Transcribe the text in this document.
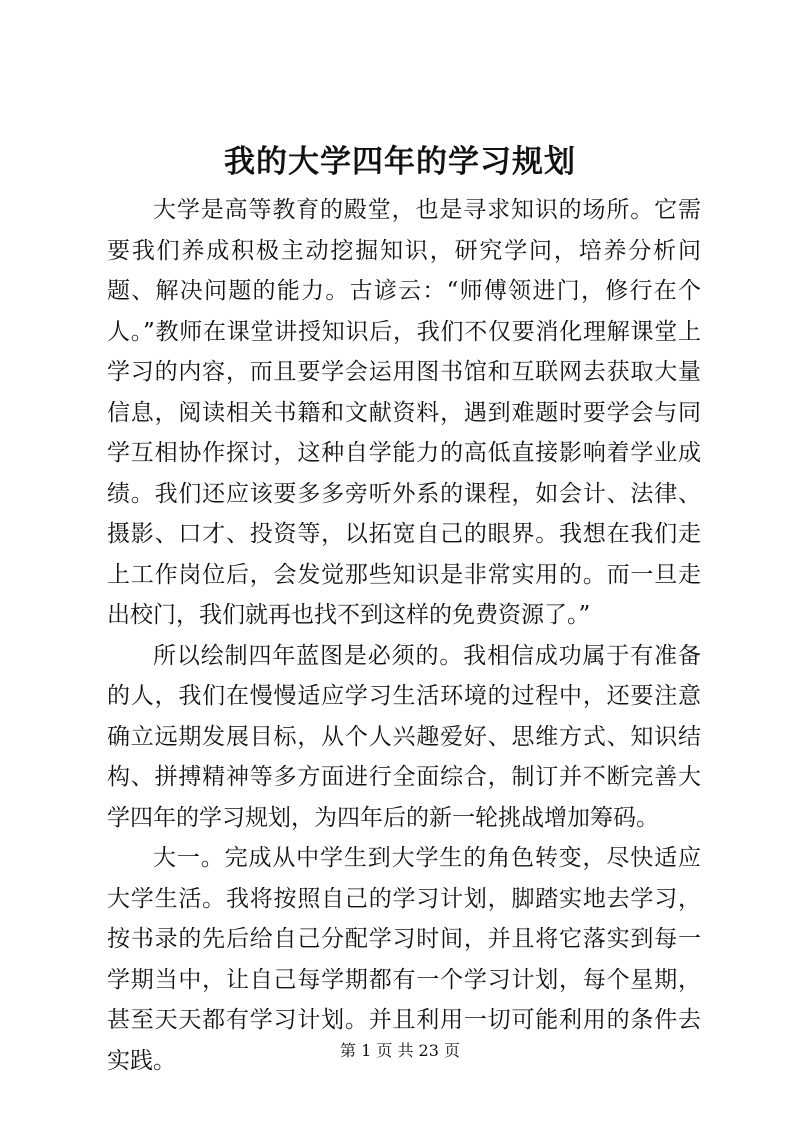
我的大学四年的学习规划

大学是高等教育的殿堂，也是寻求知识的场所。它需要我们养成积极主动挖掘知识，研究学问，培养分析问题、解决问题的能力。古谚云：“师傅领进门，修行在个人。”教师在课堂讲授知识后，我们不仅要消化理解课堂上学习的内容，而且要学会运用图书馆和互联网去获取大量信息，阅读相关书籍和文献资料，遇到难题时要学会与同学互相协作探讨，这种自学能力的高低直接影响着学业成绩。我们还应该要多多旁听外系的课程，如会计、法律、摄影、口才、投资等，以拓宽自己的眼界。我想在我们走上工作岗位后，会发觉那些知识是非常实用的。而一旦走出校门，我们就再也找不到这样的免费资源了。”

所以绘制四年蓝图是必须的。我相信成功属于有准备的人，我们在慢慢适应学习生活环境的过程中，还要注意确立远期发展目标，从个人兴趣爱好、思维方式、知识结构、拼搏精神等多方面进行全面综合，制订并不断完善大学四年的学习规划，为四年后的新一轮挑战增加筹码。

大一。完成从中学生到大学生的角色转变，尽快适应大学生活。我将按照自己的学习计划，脚踏实地去学习，按书录的先后给自己分配学习时间，并且将它落实到每一学期当中，让自己每学期都有一个学习计划，每个星期，甚至天天都有学习计划。并且利用一切可能利用的条件去实践。	第 1 页 共 23 页
